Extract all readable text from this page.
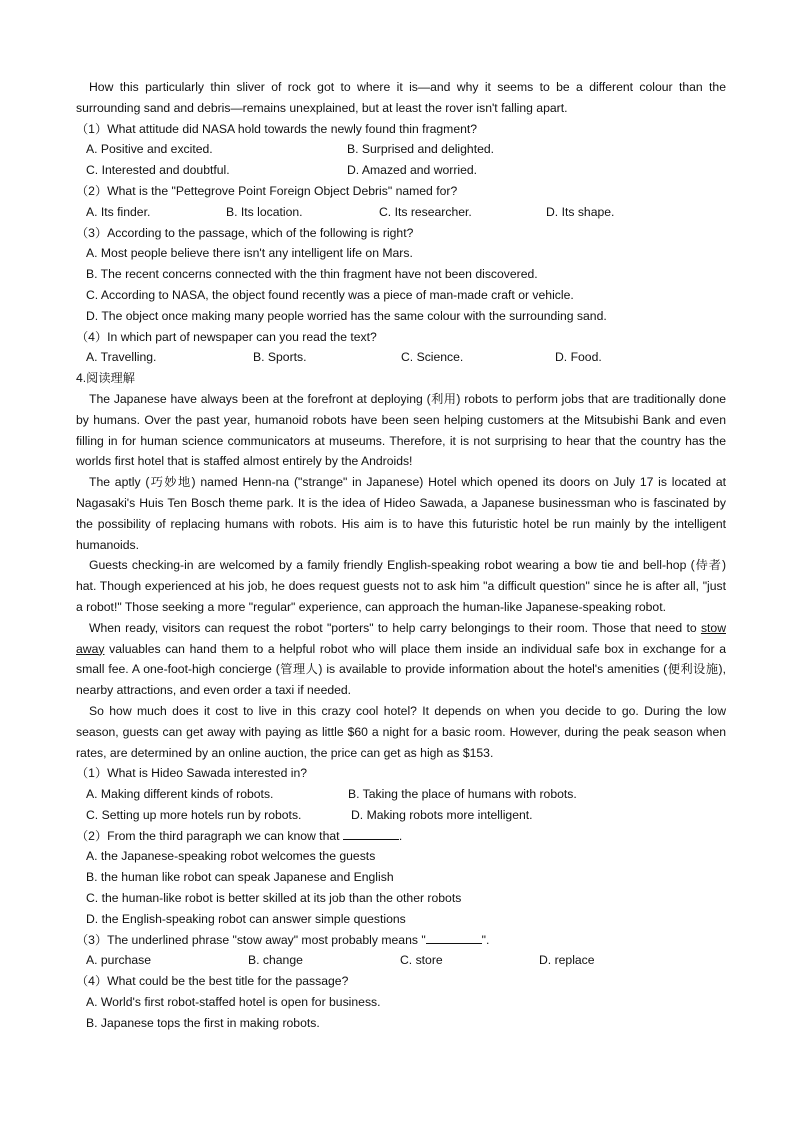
How this particularly thin sliver of rock got to where it is—and why it seems to be a different colour than the surrounding sand and debris—remains unexplained, but at least the rover isn't falling apart.
（1）What attitude did NASA hold towards the newly found thin fragment?
A. Positive and excited.	B. Surprised and delighted.
C. Interested and doubtful.	D. Amazed and worried.
（2）What is the "Pettegrove Point Foreign Object Debris" named for?
A. Its finder.	B. Its location.	C. Its researcher.	D. Its shape.
（3）According to the passage, which of the following is right?
A. Most people believe there isn't any intelligent life on Mars.
B. The recent concerns connected with the thin fragment have not been discovered.
C. According to NASA, the object found recently was a piece of man-made craft or vehicle.
D. The object once making many people worried has the same colour with the surrounding sand.
（4）In which part of newspaper can you read the text?
A. Travelling.	B. Sports.	C. Science.	D. Food.
4.阅读理解
The Japanese have always been at the forefront at deploying (利用) robots to perform jobs that are traditionally done by humans. Over the past year, humanoid robots have been seen helping customers at the Mitsubishi Bank and even filling in for human science communicators at museums. Therefore, it is not surprising to hear that the country has the worlds first hotel that is staffed almost entirely by the Androids!
The aptly (巧妙地) named Henn-na ("strange" in Japanese) Hotel which opened its doors on July 17 is located at Nagasaki's Huis Ten Bosch theme park. It is the idea of Hideo Sawada, a Japanese businessman who is fascinated by the possibility of replacing humans with robots. His aim is to have this futuristic hotel be run mainly by the intelligent humanoids.
Guests checking-in are welcomed by a family friendly English-speaking robot wearing a bow tie and bell-hop (侍者) hat. Though experienced at his job, he does request guests not to ask him "a difficult question" since he is after all, "just a robot!" Those seeking a more "regular" experience, can approach the human-like Japanese-speaking robot.
When ready, visitors can request the robot "porters" to help carry belongings to their room. Those that need to stow away valuables can hand them to a helpful robot who will place them inside an individual safe box in exchange for a small fee. A one-foot-high concierge (管理人) is available to provide information about the hotel's amenities (便利设施), nearby attractions, and even order a taxi if needed.
So how much does it cost to live in this crazy cool hotel? It depends on when you decide to go. During the low season, guests can get away with paying as little $60 a night for a basic room. However, during the peak season when rates, are determined by an online auction, the price can get as high as $153.
（1）What is Hideo Sawada interested in?
A. Making different kinds of robots.	B. Taking the place of humans with robots.
C. Setting up more hotels run by robots.	D. Making robots more intelligent.
（2）From the third paragraph we can know that	.
A. the Japanese-speaking robot welcomes the guests
B. the human like robot can speak Japanese and English
C. the human-like robot is better skilled at its job than the other robots
D. the English-speaking robot can answer simple questions
（3）The underlined phrase "stow away" most probably means "	".
A. purchase	B. change	C. store	D. replace
（4）What could be the best title for the passage?
A. World's first robot-staffed hotel is open for business.
B. Japanese tops the first in making robots.
